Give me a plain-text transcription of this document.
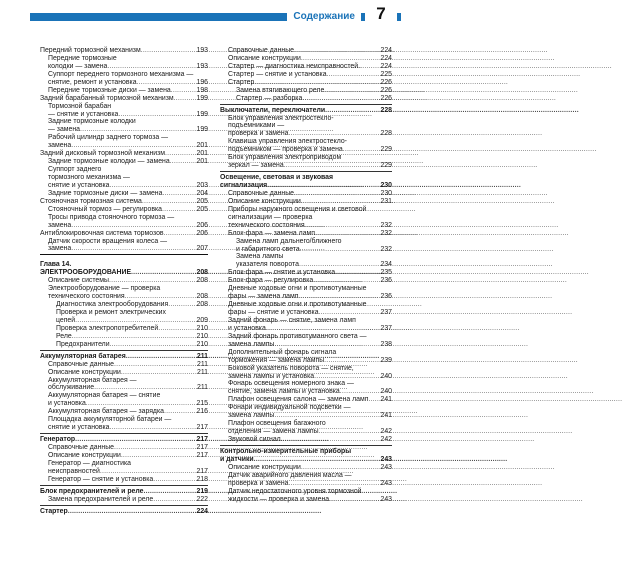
Содержание	7
Передний тормозной механизм .....	193
Передние тормозные
колодки — замена .....	193
Суппорт переднего тормозного механизма —
снятие, ремонт и установка .....	196
Передние тормозные диски — замена .....	198
Задний барабанный тормозной механизм .....	199
Тормозной барабан
— снятие и установка .....	199
Задние тормозные колодки
— замена .....	199
Рабочий цилиндр заднего тормоза —
замена .....	201
Задний дисковый тормозной механизм .....	201
Задние тормозные колодки — замена .....	201
Суппорт заднего
тормозного механизма —
снятие и установка .....	203
Задние тормозные диски — замена .....	204
Стояночная тормозная система .....	205
Стояночный тормоз — регулировка .....	205
Тросы привода стояночного тормоза —
замена .....	206
Антиблокировочная система тормозов .....	206
Датчик скорости вращения колеса —
замена .....	207
Глава 14.
ЭЛЕКТРООБОРУДОВАНИЕ .....	208
Описание системы .....	208
Электрооборудование — проверка
технического состояния .....	208
Диагностика электрооборудования .....	208
Проверка и ремонт электрических
цепей .....	209
Проверка электропотребителей .....	210
Реле .....	210
Предохранители .....	210
Аккумуляторная батарея .....	211
Справочные данные .....	211
Описание конструкции .....	211
Аккумуляторная батарея —
обслуживание .....	211
Аккумуляторная батарея — снятие
и установка .....	215
Аккумуляторная батарея — зарядка .....	216
Площадка аккумуляторной батареи —
снятие и установка .....	217
Генератор .....	217
Справочные данные .....	217
Описание конструкции .....	217
Генератор — диагностика
неисправностей .....	217
Генератор — снятие и установка .....	218
Блок предохранителей и реле .....	219
Замена предохранителей и реле .....	222
Стартер .....	224
Справочные данные .....	224
Описание конструкции .....	224
Стартер — диагностика неисправностей .....	224
Стартер — снятие и установка .....	225
Стартер .....	226
Замена втягивающего реле .....	226
Стартер — разборка .....	226
Выключатели, переключатели .....	228
Блок управления электростекло-
подъемниками —
проверка и замена .....	228
Клавиша управления электростекло-
подъемником — проверка и замена .....	229
Блок управления электроприводом
зеркал — замена .....	229
Освещение, световая и звуковая
сигнализация .....	230
Справочные данные .....	230
Описание конструкции .....	231
Приборы наружного освещения и световой
сигнализации — проверка
технического состояния .....	232
Блок-фара — замена ламп .....	232
Замена ламп дальнего/ближнего
и габаритного света .....	232
Замена лампы
указателя поворота .....	234
Блок-фара — снятие и установка .....	235
Блок-фара — регулировка .....	236
Дневные ходовые огни и противотуманные
фары — замена ламп .....	236
Дневные ходовые огни и противотуманные
фары — снятие и установка .....	237
Задний фонарь — снятие, замена ламп
и установка .....	237
Задний фонарь противотуманного света —
замена лампы .....	238
Дополнительный фонарь сигнала
торможения — замена лампы .....	239
Боковой указатель поворота — снятие,
замена лампы и установка .....	240
Фонарь освещения номерного знака —
снятие, замена лампы и установка .....	240
Плафон освещения салона — замена ламп ..... 241
Фонари индивидуальной подсветки —
замена лампы .....	241
Плафон освещения багажного
отделения — замена лампы .....	242
Звуковой сигнал .....	242
Контрольно-измерительные приборы
и датчики .....	243
Описание конструкции .....	243
Датчик аварийного давления масла —
проверка и замена .....	243
Датчик недостаточного уровня тормозной
жидкости — проверка и замена .....	243
